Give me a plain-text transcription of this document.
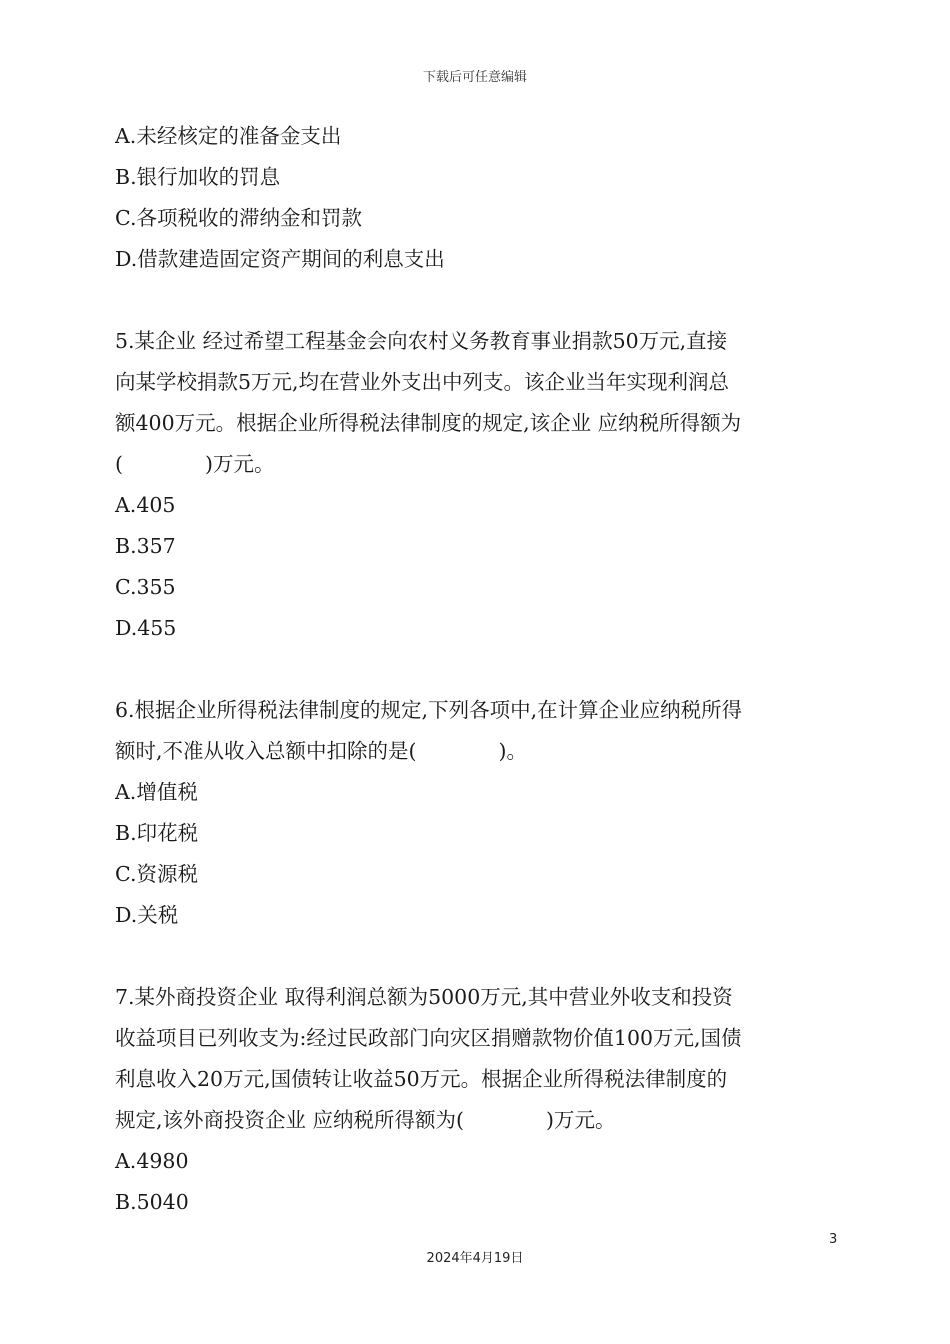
下载后可任意编辑
A.未经核定的准备金支出
B.银行加收的罚息
C.各项税收的滞纳金和罚款
D.借款建造固定资产期间的利息支出
5.某企业 经过希望工程基金会向农村义务教育事业捐款50万元,直接
向某学校捐款5万元,均在营业外支出中列支。该企业当年实现利润总
额400万元。根据企业所得税法律制度的规定,该企业 应纳税所得额为
(　　　　)万元。
A.405
B.357
C.355
D.455
6.根据企业所得税法律制度的规定,下列各项中,在计算企业应纳税所得
额时,不准从收入总额中扣除的是(　　　　)。
A.增值税
B.印花税
C.资源税
D.关税
7.某外商投资企业 取得利润总额为5000万元,其中营业外收支和投资
收益项目已列收支为:经过民政部门向灾区捐赠款物价值100万元,国债
利息收入20万元,国债转让收益50万元。根据企业所得税法律制度的
规定,该外商投资企业 应纳税所得额为(　　　　)万元。
A.4980
B.5040
3
2024年4月19日
